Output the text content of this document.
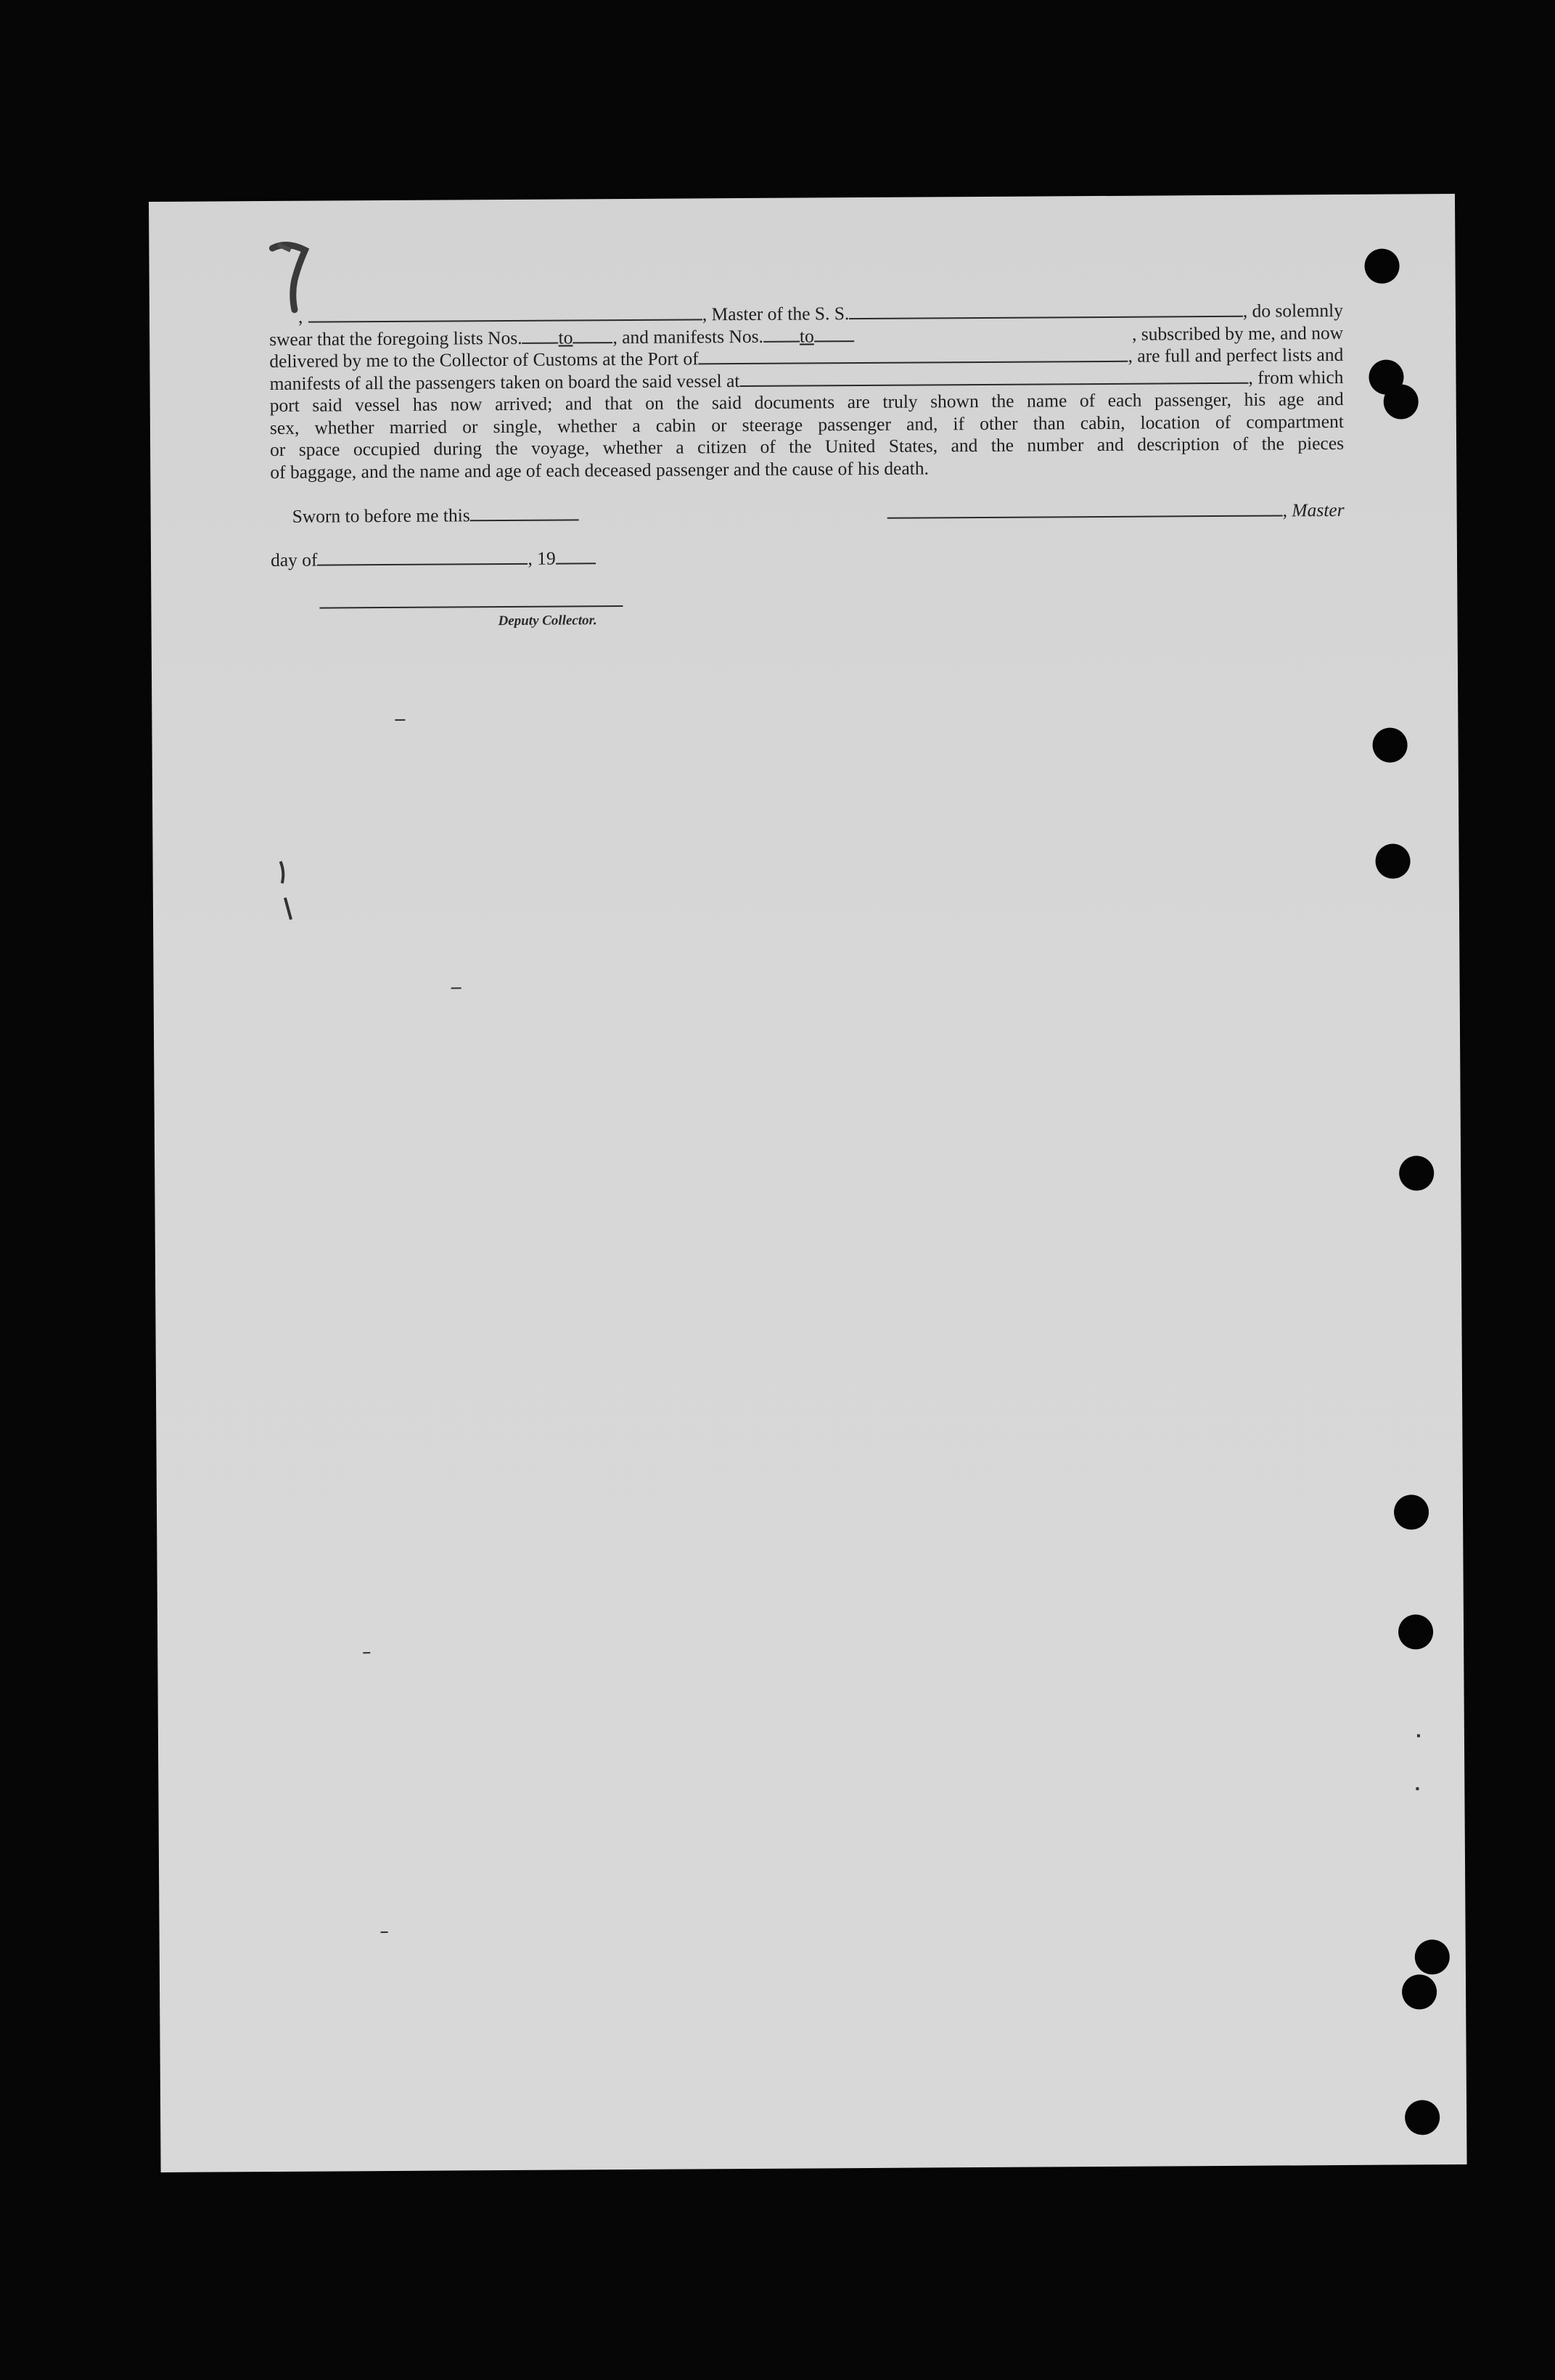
,	, Master of the S. S.	, do solemnly
swear that the foregoing lists Nos. to , and manifests Nos. to	, subscribed by me, and now
delivered by me to the Collector of Customs at the Port of	, are full and perfect lists and
manifests of all the passengers taken on board the said vessel at	, from which
port said vessel has now arrived; and that on the said documents are truly shown the name of each passenger, his age and
sex, whether married or single, whether a cabin or steerage passenger and, if other than cabin, location of compartment
or space occupied during the voyage, whether a citizen of the United States, and the number and description of the pieces
of baggage, and the name and age of each deceased passenger and the cause of his death.
Sworn to before me this	, Master
day of	, 19
Deputy Collector.
